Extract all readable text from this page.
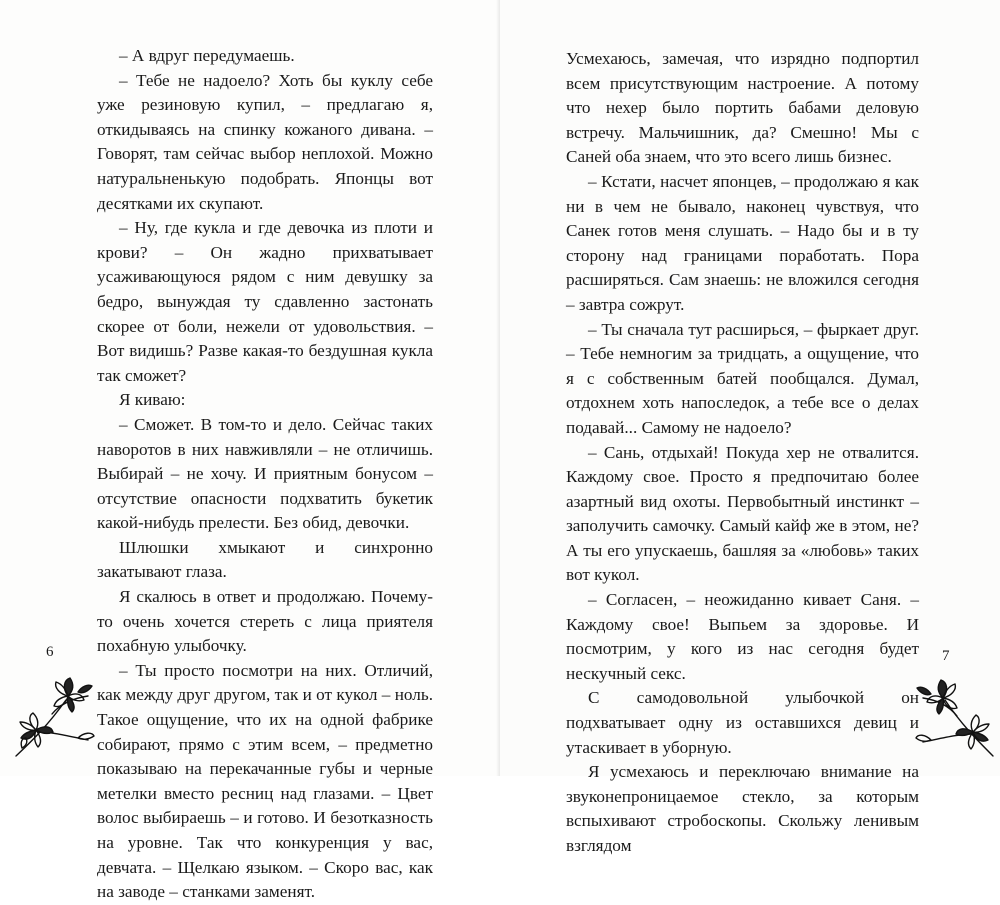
– А вдруг передумаешь.

– Тебе не надоело? Хоть бы куклу себе уже резиновую купил, – предлагаю я, откидываясь на спинку кожаного дивана. – Говорят, там сейчас выбор неплохой. Можно натуральненькую подобрать. Японцы вот десятками их скупают.

– Ну, где кукла и где девочка из плоти и крови? – Он жадно прихватывает усаживающуюся рядом с ним девушку за бедро, вынуждая ту сдавленно застонать скорее от боли, нежели от удовольствия. – Вот видишь? Разве какая-то бездушная кукла так сможет?

Я киваю:

– Сможет. В том-то и дело. Сейчас таких наворотов в них навживляли – не отличишь. Выбирай – не хочу. И приятным бонусом – отсутствие опасности подхватить букетик какой-нибудь прелести. Без обид, девочки.

Шлюшки хмыкают и синхронно закатывают глаза.

Я скалюсь в ответ и продолжаю. Почему-то очень хочется стереть с лица приятеля похабную улыбочку.

– Ты просто посмотри на них. Отличий, как между друг другом, так и от кукол – ноль. Такое ощущение, что их на одной фабрике собирают, прямо с этим всем, – предметно показываю на перекачанные губы и черные метелки вместо ресниц над глазами. – Цвет волос выбираешь – и готово. И безотказность на уровне. Так что конкуренция у вас, девчата. – Щелкаю языком. – Скоро вас, как на заводе – станками заменят.

6

Усмехаюсь, замечая, что изрядно подпортил всем присутствующим настроение. А потому что нехер было портить бабами деловую встречу. Мальчишник, да? Смешно! Мы с Саней оба знаем, что это всего лишь бизнес.

– Кстати, насчет японцев, – продолжаю я как ни в чем не бывало, наконец чувствуя, что Санек готов меня слушать. – Надо бы и в ту сторону над границами поработать. Пора расширяться. Сам знаешь: не вложился сегодня – завтра сожрут.

– Ты сначала тут расширься, – фыркает друг. – Тебе немногим за тридцать, а ощущение, что я с собственным батей пообщался. Думал, отдохнем хоть напоследок, а тебе все о делах подавай... Самому не надоело?

– Сань, отдыхай! Покуда хер не отвалится. Каждому свое. Просто я предпочитаю более азартный вид охоты. Первобытный инстинкт – заполучить самочку. Самый кайф же в этом, не? А ты его упускаешь, башляя за «любовь» таких вот кукол.

– Согласен, – неожиданно кивает Саня. – Каждому свое! Выпьем за здоровье. И посмотрим, у кого из нас сегодня будет нескучный секс.

С самодовольной улыбочкой он подхватывает одну из оставшихся девиц и утаскивает в уборную.

Я усмехаюсь и переключаю внимание на звуконепроницаемое стекло, за которым вспыхивают стробоскопы. Скольжу ленивым взглядом

7
